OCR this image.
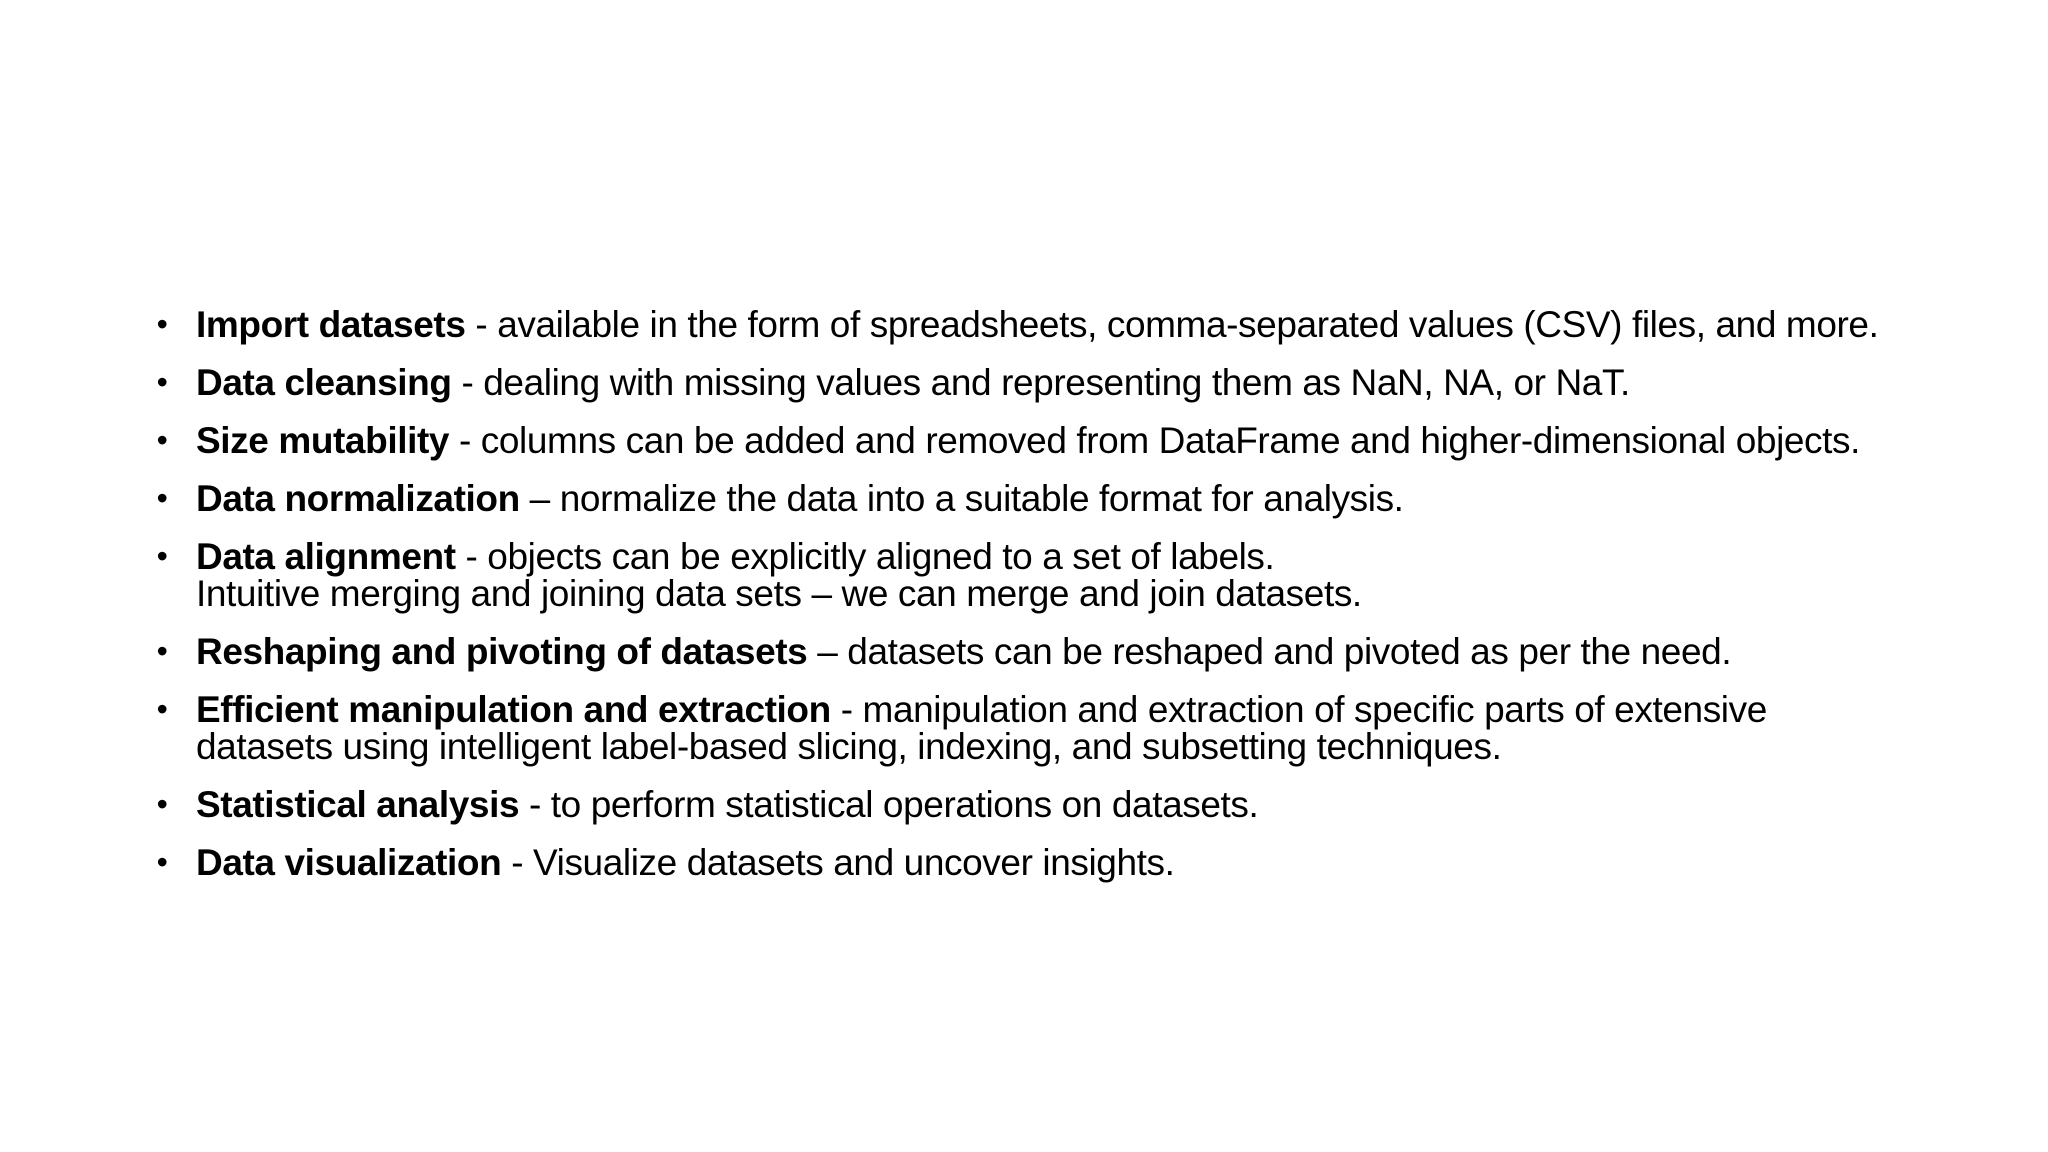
• Import datasets - available in the form of spreadsheets, comma-separated values (CSV) files, and more.
• Data cleansing - dealing with missing values and representing them as NaN, NA, or NaT.
• Size mutability - columns can be added and removed from DataFrame and higher-dimensional objects.
• Data normalization – normalize the data into a suitable format for analysis.
• Data alignment - objects can be explicitly aligned to a set of labels.
Intuitive merging and joining data sets – we can merge and join datasets.
• Reshaping and pivoting of datasets – datasets can be reshaped and pivoted as per the need.
• Efficient manipulation and extraction - manipulation and extraction of specific parts of extensive datasets using intelligent label-based slicing, indexing, and subsetting techniques.
• Statistical analysis - to perform statistical operations on datasets.
• Data visualization - Visualize datasets and uncover insights.
